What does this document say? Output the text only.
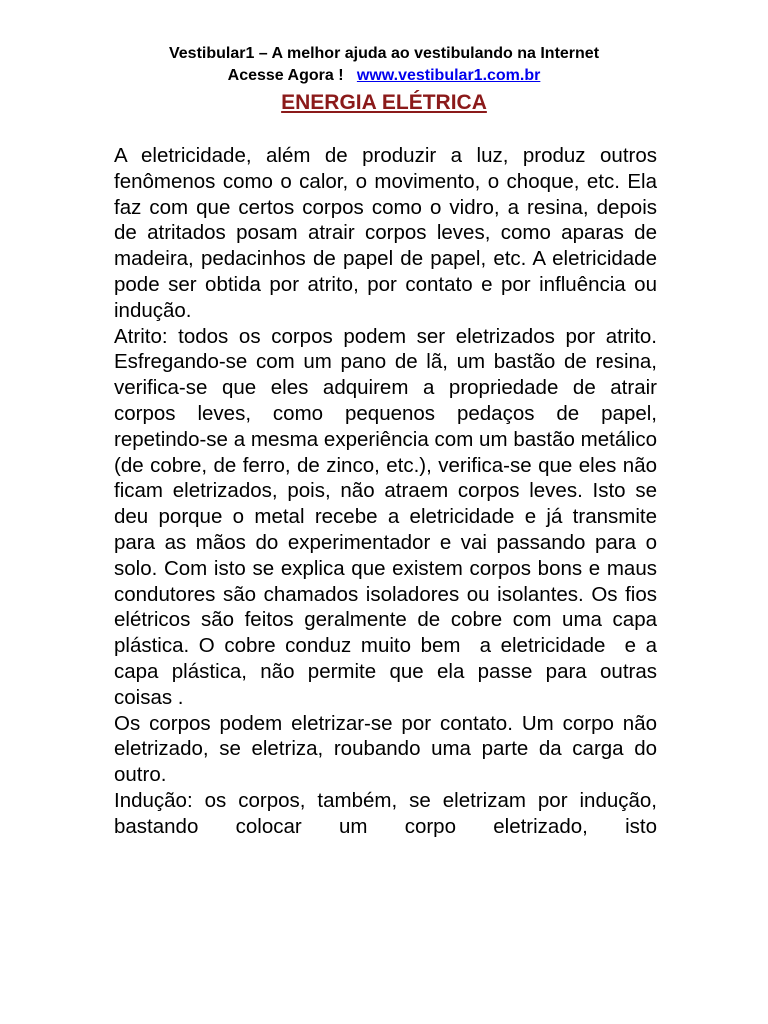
Vestibular1 – A melhor ajuda ao vestibulando na Internet
Acesse Agora ! www.vestibular1.com.br
ENERGIA ELÉTRICA

A eletricidade, além de produzir a luz, produz outros fenômenos como o calor, o movimento, o choque, etc. Ela faz com que certos corpos como o vidro, a resina, depois de atritados posam atrair corpos leves, como aparas de madeira, pedacinhos de papel de papel, etc. A eletricidade pode ser obtida por atrito, por contato e por influência ou indução.

Atrito: todos os corpos podem ser eletrizados por atrito. Esfregando-se com um pano de lã, um bastão de resina, verifica-se que eles adquirem a propriedade de atrair corpos leves, como pequenos pedaços de papel, repetindo-se a mesma experiência com um bastão metálico (de cobre, de ferro, de zinco, etc.), verifica-se que eles não ficam eletrizados, pois, não atraem corpos leves. Isto se deu porque o metal recebe a eletricidade e já transmite para as mãos do experimentador e vai passando para o solo. Com isto se explica que existem corpos bons e maus condutores são chamados isoladores ou isolantes. Os fios elétricos são feitos geralmente de cobre com uma capa plástica. O cobre conduz muito bem  a eletricidade  e a capa plástica, não permite que ela passe para outras coisas .

Os corpos podem eletrizar-se por contato. Um corpo não eletrizado, se eletriza, roubando uma parte da carga do outro.

Indução: os corpos, também, se eletrizam por indução, bastando colocar um corpo eletrizado, isto
